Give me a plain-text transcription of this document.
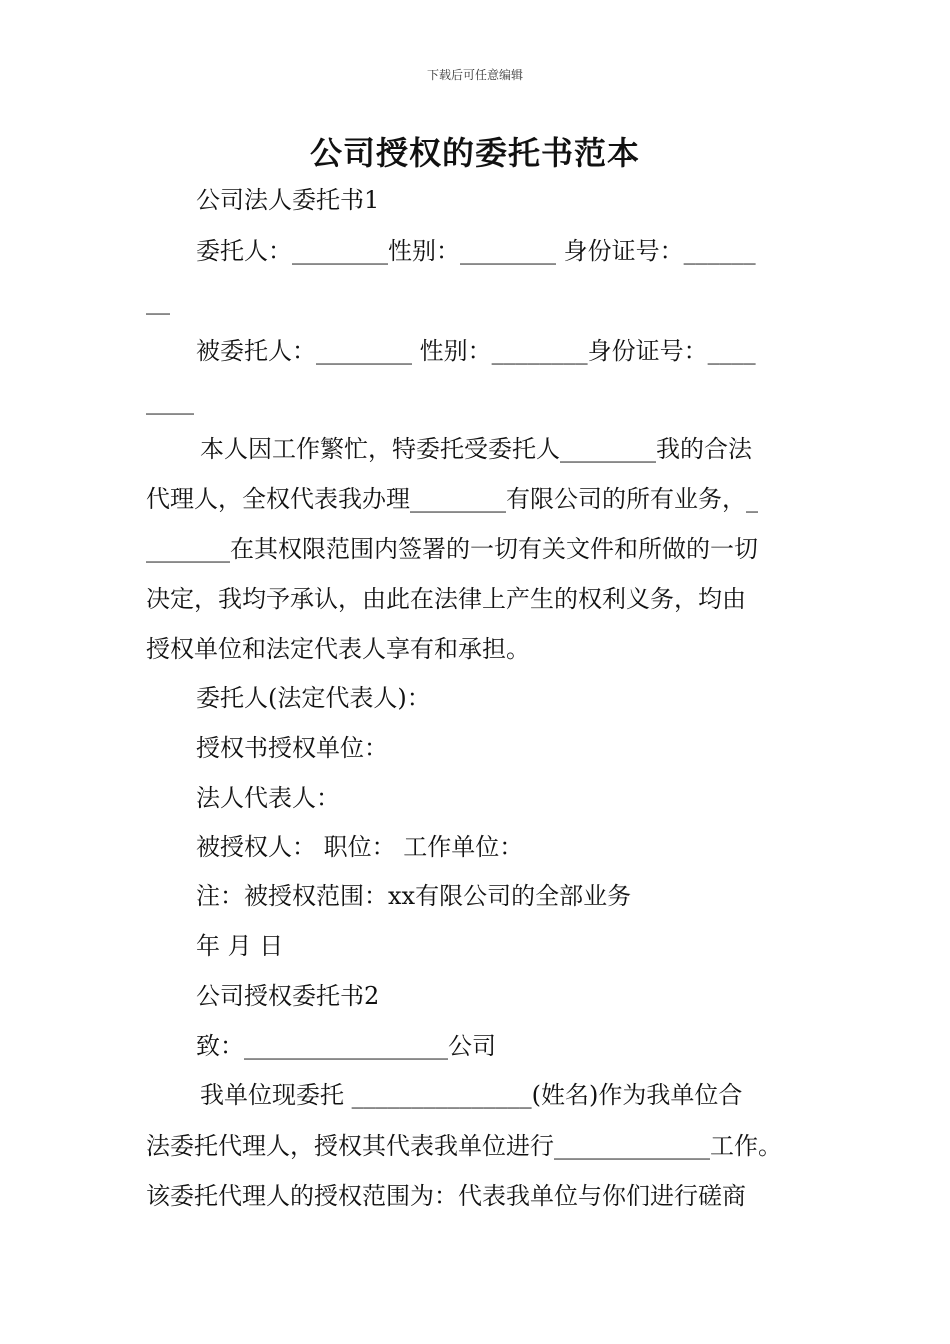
下载后可任意编辑
公司授权的委托书范本
公司法人委托书1
委托人：________性别：________ 身份证号：______
__
被委托人：________ 性别：________身份证号：____
____
本人因工作繁忙，特委托受委托人________我的合法
代理人，全权代表我办理________有限公司的所有业务，_
_______在其权限范围内签署的一切有关文件和所做的一切
决定，我均予承认，由此在法律上产生的权利义务，均由
授权单位和法定代表人享有和承担。
委托人(法定代表人)：
授权书授权单位：
法人代表人：
被授权人： 职位： 工作单位：
注：被授权范围：xx有限公司的全部业务
年 月 日
公司授权委托书2
致：_________________公司
我单位现委托 _______________(姓名)作为我单位合
法委托代理人，授权其代表我单位进行_____________工作。
该委托代理人的授权范围为：代表我单位与你们进行磋商
